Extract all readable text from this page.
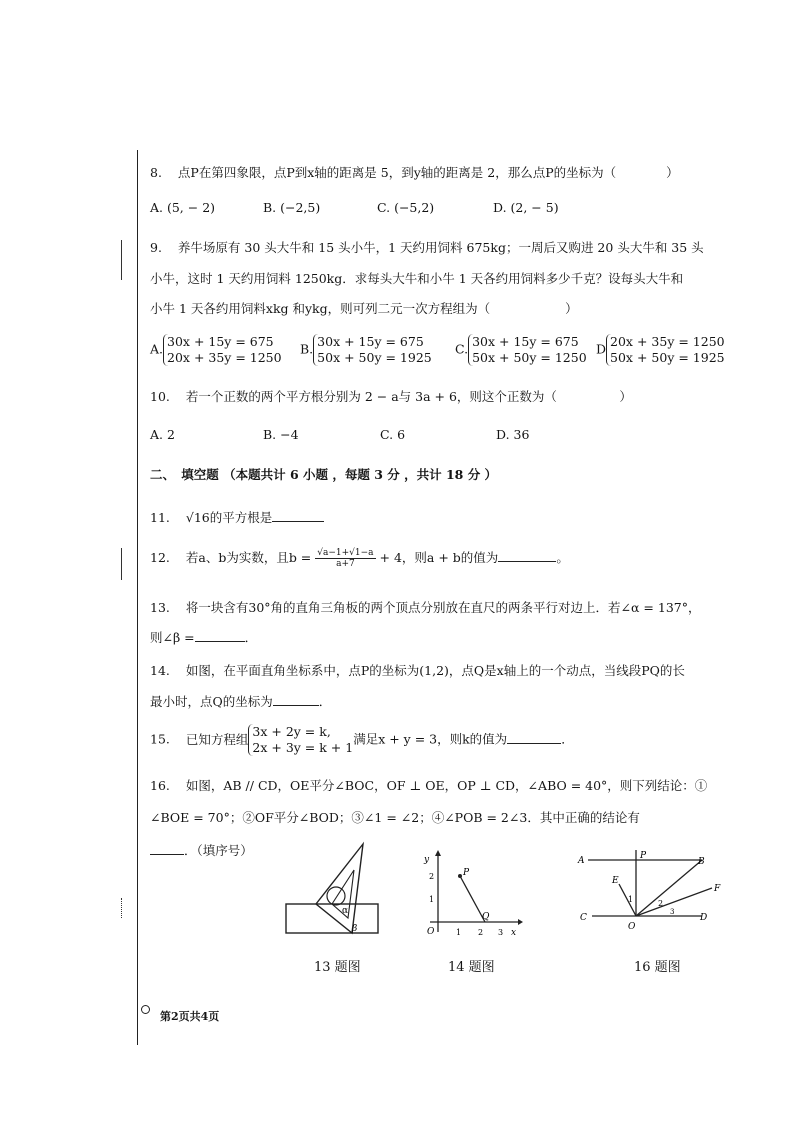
8. 点P在第四象限，点P到x轴的距离是 5，到y轴的距离是 2，那么点P的坐标为（　　　　）
A. (5, − 2)	B. (−2,5)	C. (−5,2)	D. (2, − 5)
9. 养牛场原有 30 头大牛和 15 头小牛，1 天约用饲料 675kg；一周后又购进 20 头大牛和 35 头
小牛，这时 1 天约用饲料 1250kg．求每头大牛和小牛 1 天各约用饲料多少千克？设每头大牛和
小牛 1 天各约用饲料xkg 和ykg，则可列二元一次方程组为（　　　　　　）
A. 30x + 15y = 675
20x + 35y = 1250
B. 30x + 15y = 675
50x + 50y = 1925
C. 30x + 15y = 675
50x + 50y = 1250
D 20x + 35y = 1250
50x + 50y = 1925
10. 若一个正数的两个平方根分别为 2 − a与 3a + 6，则这个正数为（　　　　　）
A. 2	B. −4	C. 6	D. 36
二、　填空题 （本题共计 6 小题 ，每题 3 分 ，共计 18 分 ）
11. √16的平方根是
12. 若a、b为实数，且$b = \frac{√a-1+√1-a}{a+7} + 4$，则a + b的值为	。
13. 将一块含有30°角的直角三角板的两个顶点分别放在直尺的两条平行对边上．若∠α = 137°，
则∠β =	．
14. 如图，在平面直角坐标系中，点P的坐标为(1,2)，点Q是x轴上的一个动点，当线段PQ的长
最小时，点Q的坐标为	．
15. 已知方程组 3x + 2y = k,
2x + 3y = k + 1满足x + y = 3，则k的值为	．
16. 如图，AB // CD，OE平分∠BOC，OF ⊥ OE，OP ⊥ CD，∠ABO = 40°，则下列结论：①
∠BOE = 70°；②OF平分∠BOD；③∠1 = ∠2；④∠POB = 2∠3．其中正确的结论有
．（填序号）
α
β
13 题图
y
x
O
P
Q
1 2 3
1
2
14 题图
A	P
B
E
F
C
O
D
1	2
3
16 题图
第2页共4页
